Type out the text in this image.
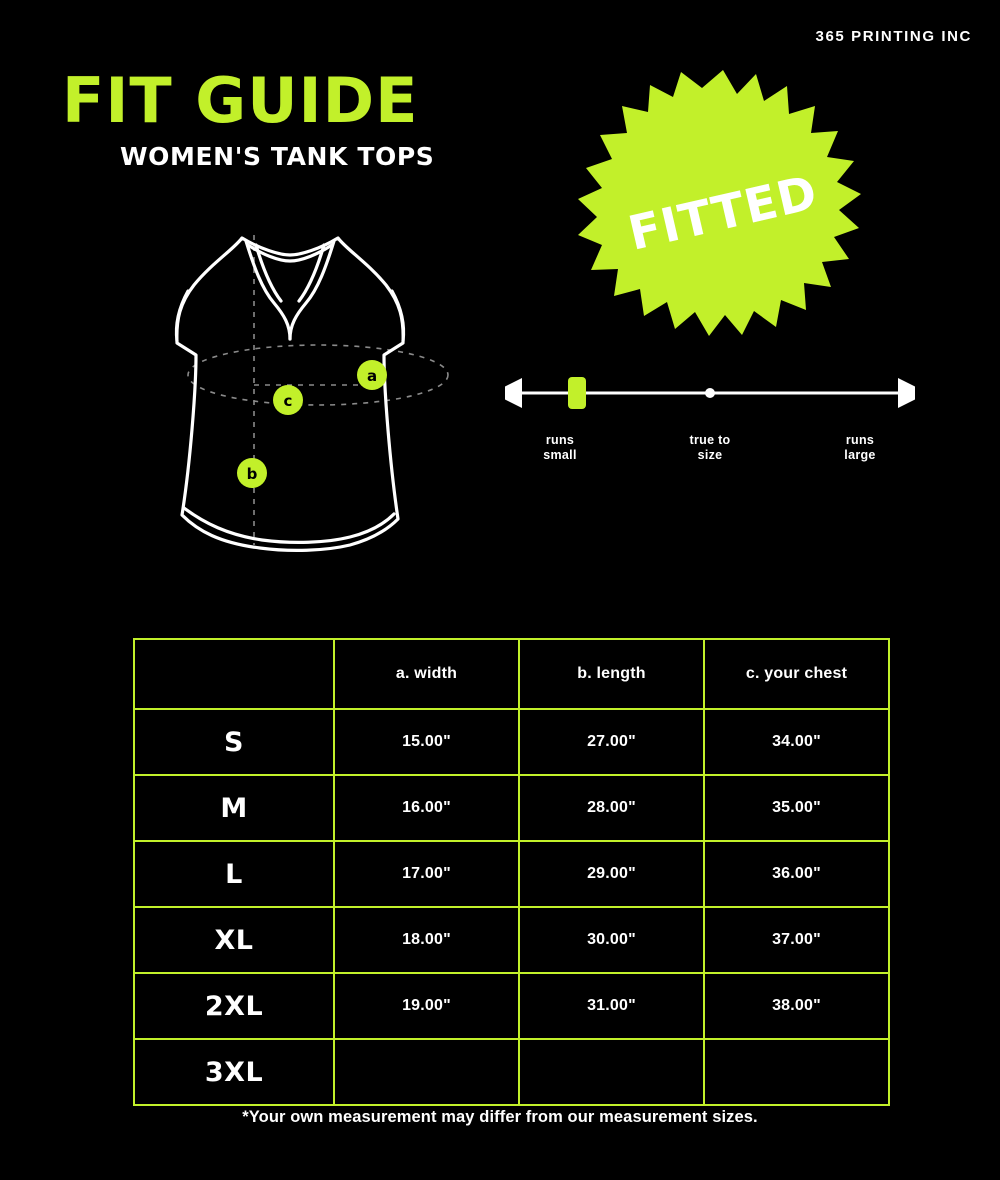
365 PRINTING INC
FIT GUIDE
WOMEN'S TANK TOPS
a
c
b
FITTED
runs
small
true to
size
runs
large
	a. width	b. length	c. your chest
S	15.00"	27.00"	34.00"
M	16.00"	28.00"	35.00"
L	17.00"	29.00"	36.00"
XL	18.00"	30.00"	37.00"
2XL	19.00"	31.00"	38.00"
3XL			
*Your own measurement may differ from our measurement sizes.
